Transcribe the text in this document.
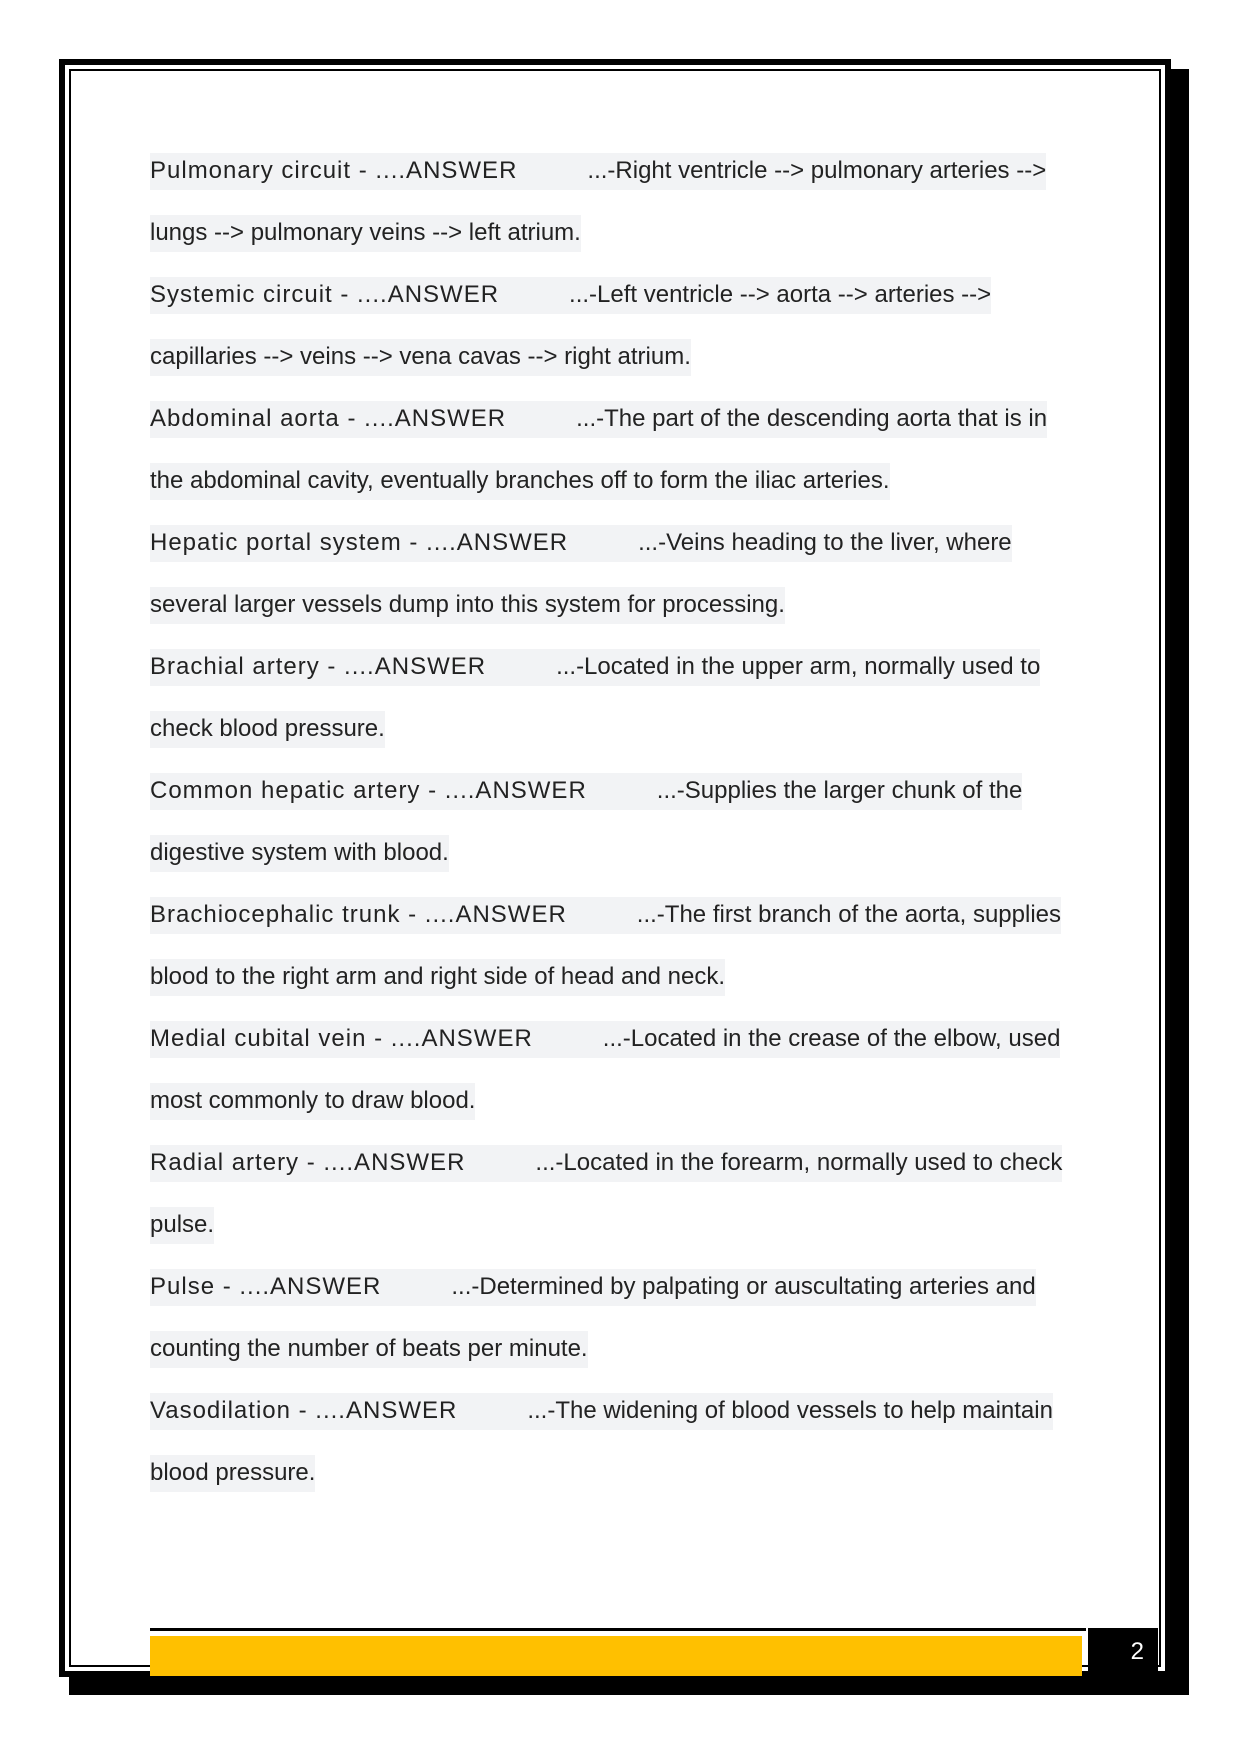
Pulmonary circuit - ....ANSWER	...-Right ventricle --> pulmonary arteries -->
lungs --> pulmonary veins --> left atrium.
Systemic circuit - ....ANSWER	...-Left ventricle --> aorta --> arteries -->
capillaries --> veins --> vena cavas --> right atrium.
Abdominal aorta - ....ANSWER	...-The part of the descending aorta that is in
the abdominal cavity, eventually branches off to form the iliac arteries.
Hepatic portal system - ....ANSWER	...-Veins heading to the liver, where
several larger vessels dump into this system for processing.
Brachial artery - ....ANSWER	...-Located in the upper arm, normally used to
check blood pressure.
Common hepatic artery - ....ANSWER	...-Supplies the larger chunk of the
digestive system with blood.
Brachiocephalic trunk - ....ANSWER	...-The first branch of the aorta, supplies
blood to the right arm and right side of head and neck.
Medial cubital vein - ....ANSWER	...-Located in the crease of the elbow, used
most commonly to draw blood.
Radial artery - ....ANSWER	...-Located in the forearm, normally used to check
pulse.
Pulse - ....ANSWER	...-Determined by palpating or auscultating arteries and
counting the number of beats per minute.
Vasodilation - ....ANSWER	...-The widening of blood vessels to help maintain
blood pressure.
2
